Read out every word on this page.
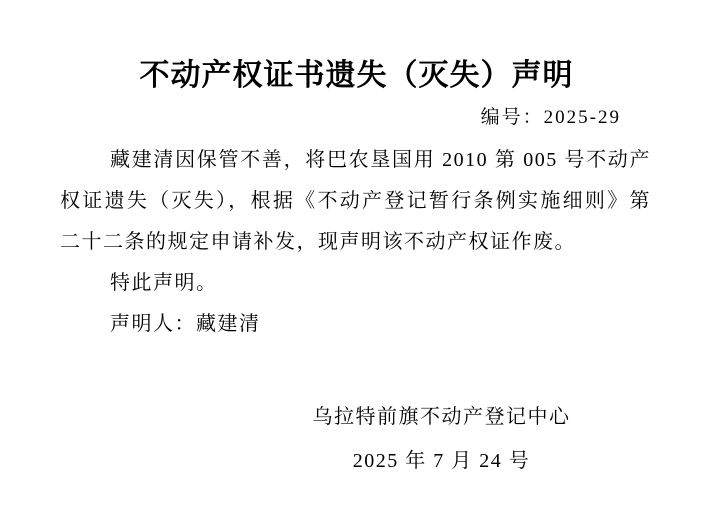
不动产权证书遗失（灭失）声明
编号：2025-29

藏建清因保管不善，将巴农垦国用 2010 第 005 号不动产权证遗失（灭失），根据《不动产登记暂行条例实施细则》第二十二条的规定申请补发，现声明该不动产权证作废。

特此声明。

声明人：藏建清

乌拉特前旗不动产登记中心

2025 年 7 月 24 号
